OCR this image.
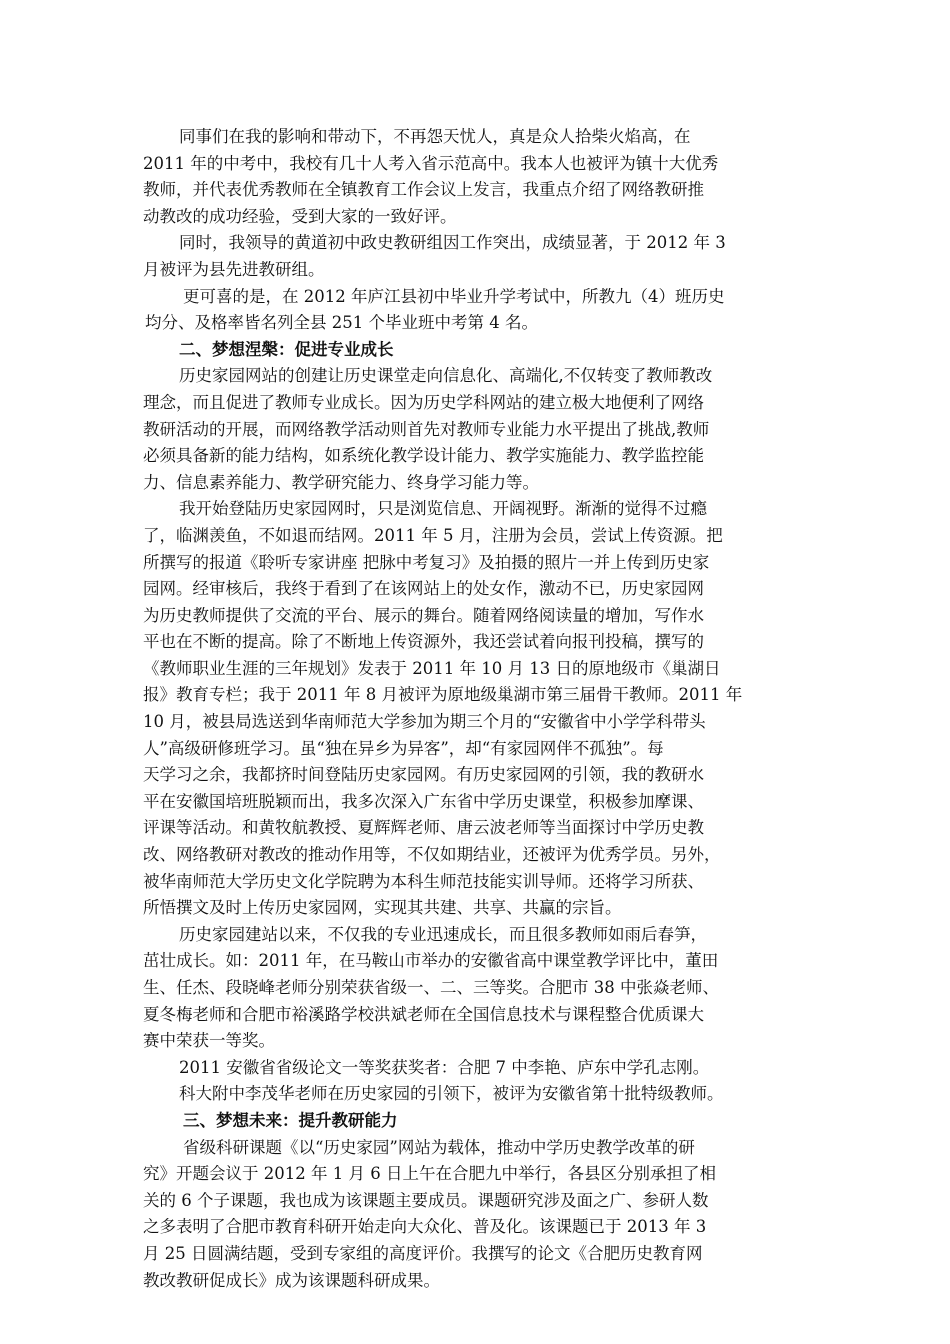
同事们在我的影响和带动下，不再怨天忧人，真是众人拾柴火焰高，在
2011 年的中考中，我校有几十人考入省示范高中。我本人也被评为镇十大优秀
教师，并代表优秀教师在全镇教育工作会议上发言，我重点介绍了网络教研推
动教改的成功经验，受到大家的一致好评。
同时，我领导的黄道初中政史教研组因工作突出，成绩显著，于 2012 年 3
月被评为县先进教研组。
更可喜的是，在 2012 年庐江县初中毕业升学考试中，所教九（4）班历史
均分、及格率皆名列全县 251 个毕业班中考第 4 名。
二、梦想涅槃：促进专业成长
历史家园网站的创建让历史课堂走向信息化、高端化,不仅转变了教师教改
理念，而且促进了教师专业成长。因为历史学科网站的建立极大地便利了网络
教研活动的开展，而网络教学活动则首先对教师专业能力水平提出了挑战,教师
必须具备新的能力结构，如系统化教学设计能力、教学实施能力、教学监控能
力、信息素养能力、教学研究能力、终身学习能力等。
我开始登陆历史家园网时，只是浏览信息、开阔视野。渐渐的觉得不过瘾
了，临渊羡鱼，不如退而结网。2011 年 5 月，注册为会员，尝试上传资源。把
所撰写的报道《聆听专家讲座 把脉中考复习》及拍摄的照片一并上传到历史家
园网。经审核后，我终于看到了在该网站上的处女作，激动不已，历史家园网
为历史教师提供了交流的平台、展示的舞台。随着网络阅读量的增加，写作水
平也在不断的提高。除了不断地上传资源外，我还尝试着向报刊投稿，撰写的
《教师职业生涯的三年规划》发表于 2011 年 10 月 13 日的原地级市《巢湖日
报》教育专栏；我于 2011 年 8 月被评为原地级巢湖市第三届骨干教师。2011 年
10 月，被县局选送到华南师范大学参加为期三个月的“安徽省中小学学科带头
人”高级研修班学习。虽“独在异乡为异客”，却“有家园网伴不孤独”。每
天学习之余，我都挤时间登陆历史家园网。有历史家园网的引领，我的教研水
平在安徽国培班脱颖而出，我多次深入广东省中学历史课堂，积极参加摩课、
评课等活动。和黄牧航教授、夏辉辉老师、唐云波老师等当面探讨中学历史教
改、网络教研对教改的推动作用等，不仅如期结业，还被评为优秀学员。另外，
被华南师范大学历史文化学院聘为本科生师范技能实训导师。还将学习所获、
所悟撰文及时上传历史家园网，实现其共建、共享、共赢的宗旨。
历史家园建站以来，不仅我的专业迅速成长，而且很多教师如雨后春笋，
茁壮成长。如：2011 年，在马鞍山市举办的安徽省高中课堂教学评比中，董田
生、任杰、段晓峰老师分别荣获省级一、二、三等奖。合肥市 38 中张焱老师、
夏冬梅老师和合肥市裕溪路学校洪斌老师在全国信息技术与课程整合优质课大
赛中荣获一等奖。
2011 安徽省省级论文一等奖获奖者：合肥 7 中李艳、庐东中学孔志刚。
科大附中李茂华老师在历史家园的引领下，被评为安徽省第十批特级教师。
三、梦想未来：提升教研能力
省级科研课题《以“历史家园”网站为载体，推动中学历史教学改革的研
究》开题会议于 2012 年 1 月 6 日上午在合肥九中举行，各县区分别承担了相
关的 6 个子课题，我也成为该课题主要成员。课题研究涉及面之广、参研人数
之多表明了合肥市教育科研开始走向大众化、普及化。该课题已于 2013 年 3
月 25 日圆满结题，受到专家组的高度评价。我撰写的论文《合肥历史教育网
教改教研促成长》成为该课题科研成果。
